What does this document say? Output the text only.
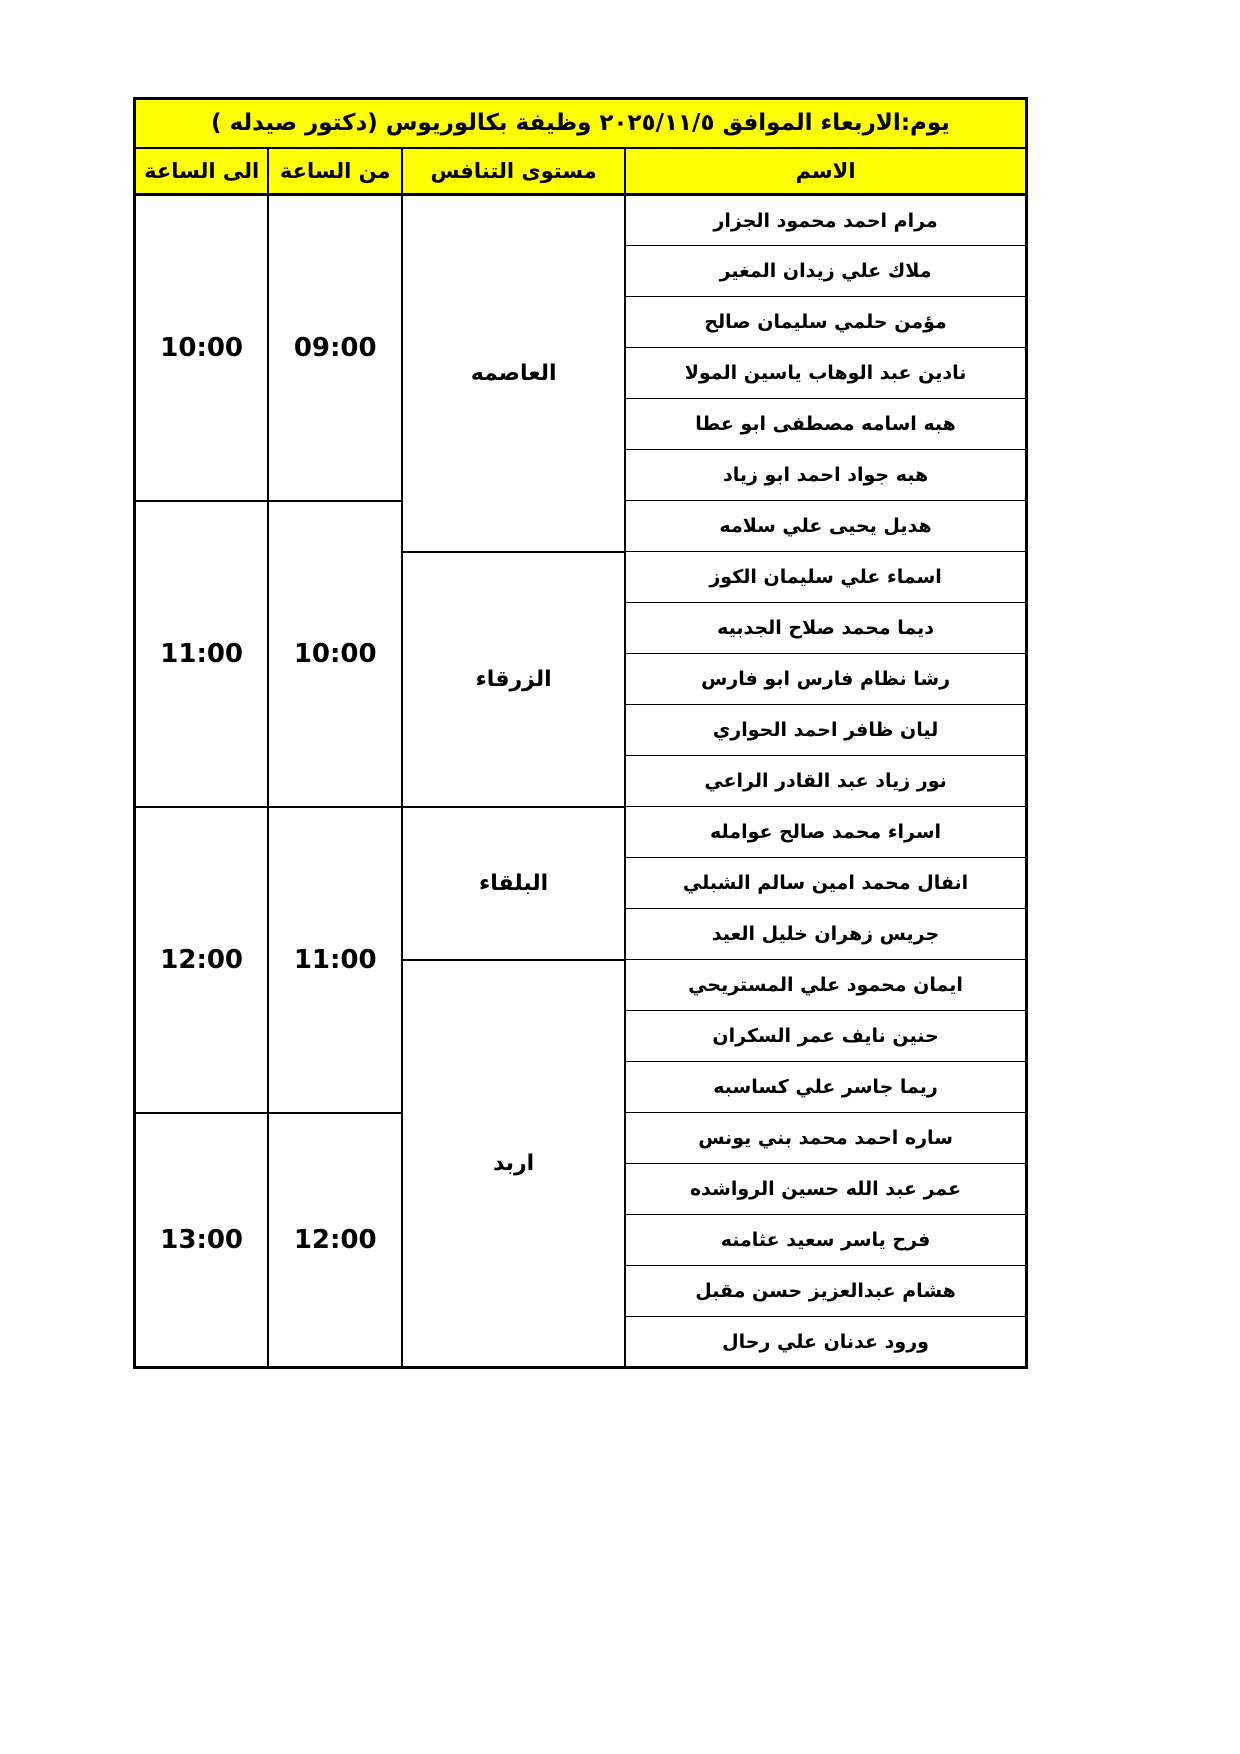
يوم:الاربعاء الموافق ٢٠٢٥/١١/٥ وظيفة بكالوريوس (دكتور صيدله )			
الاسم	مستوى التنافس	من الساعة	الى الساعة
مرام احمد محمود الجزار	العاصمه	09:00	10:00
ملاك علي زيدان المغير			
مؤمن حلمي سليمان صالح			
نادين عبد الوهاب ياسين المولا			
هبه اسامه مصطفى ابو عطا			
هبه جواد احمد ابو زياد			
هديل يحيى علي سلامه		10:00	11:00
اسماء علي سليمان الكوز	الزرقاء		
ديما محمد صلاح الجدبيه			
رشا نظام فارس ابو فارس			
ليان ظافر احمد الحواري			
نور زياد عبد القادر الراعي			
اسراء محمد صالح عوامله	البلقاء	11:00	12:00
انفال محمد امين سالم الشبلي			
جريس زهران خليل العيد			
ايمان محمود علي المستريحي	اربد		
حنين نايف عمر السكران			
ريما جاسر علي كساسبه			
ساره احمد محمد بني يونس		12:00	13:00
عمر عبد الله حسين الرواشده			
فرح ياسر سعيد عثامنه			
هشام عبدالعزيز حسن مقبل			
ورود عدنان علي رحال			
